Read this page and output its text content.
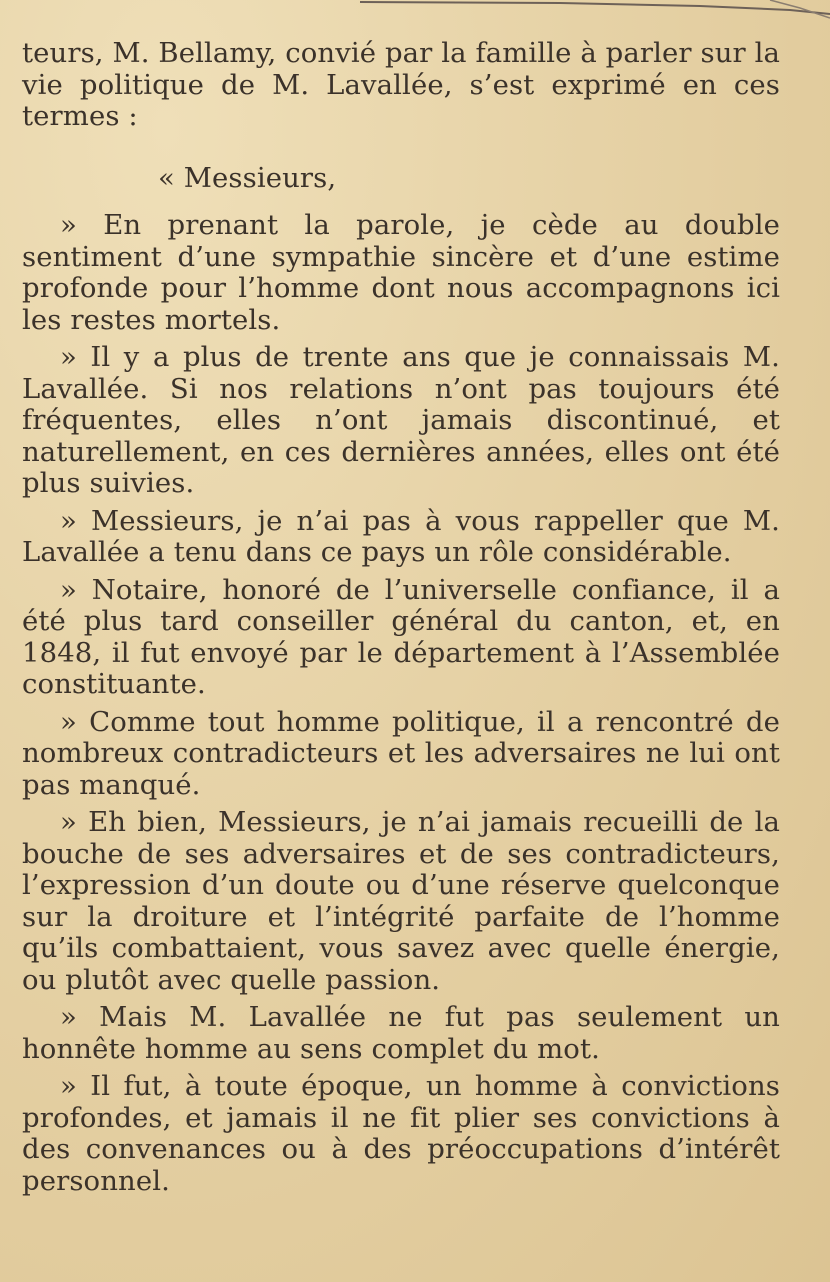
teurs, M. Bellamy, convié par la famille à parler sur la vie politique de M. Lavallée, s’est exprimé en ces termes :

« Messieurs,

» En prenant la parole, je cède au double sentiment d’une sympathie sincère et d’une estime profonde pour l’homme dont nous accompagnons ici les restes mortels.

» Il y a plus de trente ans que je connaissais M. Lavallée. Si nos relations n’ont pas toujours été fréquentes, elles n’ont jamais discontinué, et naturellement, en ces dernières années, elles ont été plus suivies.

» Messieurs, je n’ai pas à vous rappeller que M. Lavallée a tenu dans ce pays un rôle considérable.

» Notaire, honoré de l’universelle confiance, il a été plus tard conseiller général du canton, et, en 1848, il fut envoyé par le département à l’Assemblée constituante.

» Comme tout homme politique, il a rencontré de nombreux contradicteurs et les adversaires ne lui ont pas manqué.

» Eh bien, Messieurs, je n’ai jamais recueilli de la bouche de ses adversaires et de ses contradicteurs, l’expression d’un doute ou d’une réserve quelconque sur la droiture et l’intégrité parfaite de l’homme qu’ils combattaient, vous savez avec quelle énergie, ou plutôt avec quelle passion.

» Mais M. Lavallée ne fut pas seulement un honnête homme au sens complet du mot.

» Il fut, à toute époque, un homme à convictions profondes, et jamais il ne fit plier ses convictions à des convenances ou à des préoccupations d’intérêt personnel.
